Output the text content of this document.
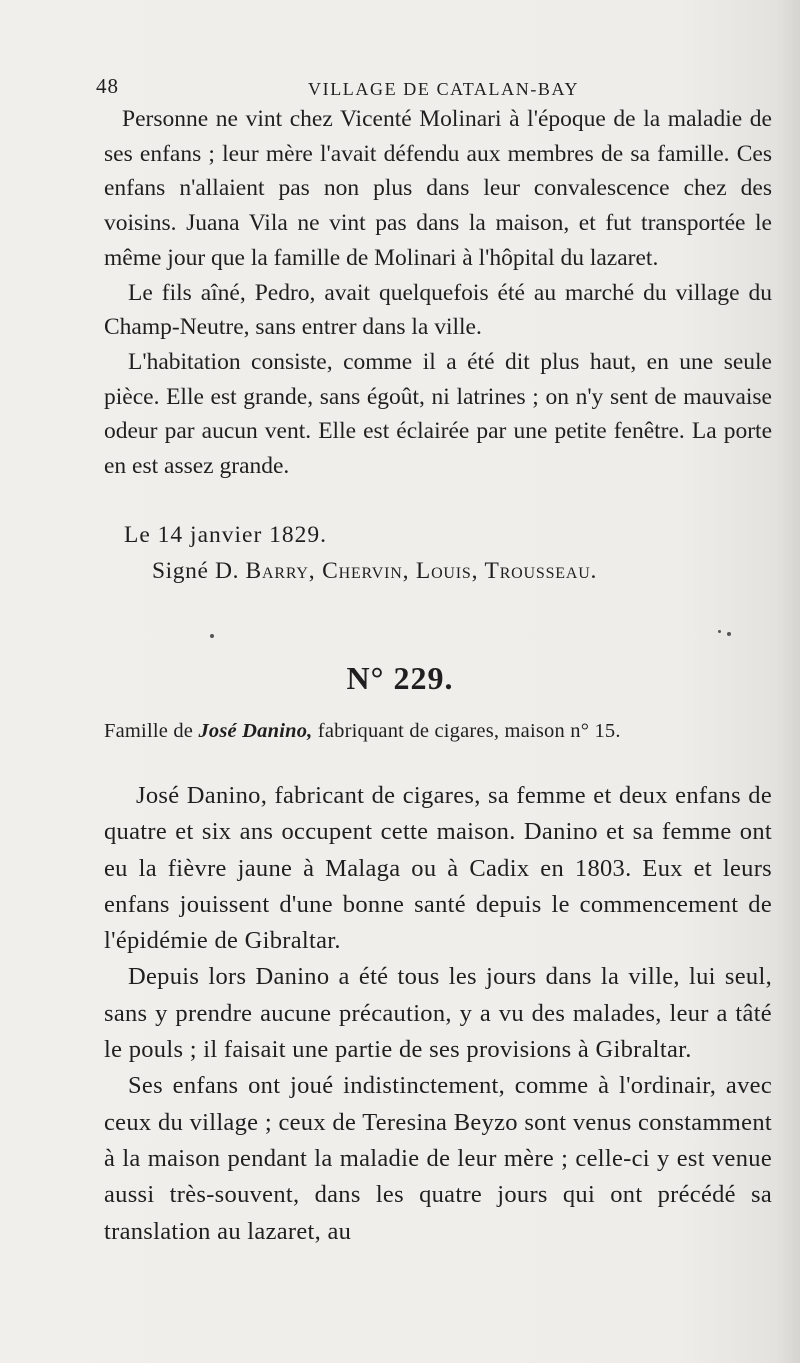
48	VILLAGE DE CATALAN-BAY

Personne ne vint chez Vicenté Molinari à l'époque de la maladie de ses enfans ; leur mère l'avait défendu aux membres de sa famille. Ces enfans n'allaient pas non plus dans leur convalescence chez des voisins. Juana Vila ne vint pas dans la maison, et fut transportée le même jour que la famille de Molinari à l'hôpital du lazaret.

Le fils aîné, Pedro, avait quelquefois été au marché du village du Champ-Neutre, sans entrer dans la ville.

L'habitation consiste, comme il a été dit plus haut, en une seule pièce. Elle est grande, sans égoût, ni latrines ; on n'y sent de mauvaise odeur par aucun vent. Elle est éclairée par une petite fenêtre. La porte en est assez grande.

Le 14 janvier 1829.
Signé D. Barry, Chervin, Louis, Trousseau.
N° 229.
Famille de José Danino, fabriquant de cigares, maison n° 15.

José Danino, fabricant de cigares, sa femme et deux enfans de quatre et six ans occupent cette maison. Danino et sa femme ont eu la fièvre jaune à Malaga ou à Cadix en 1803. Eux et leurs enfans jouissent d'une bonne santé depuis le commencement de l'épidémie de Gibraltar.

Depuis lors Danino a été tous les jours dans la ville, lui seul, sans y prendre aucune précaution, y a vu des malades, leur a tâté le pouls ; il faisait une partie de ses provisions à Gibraltar.

Ses enfans ont joué indistinctement, comme à l'ordinair, avec ceux du village ; ceux de Teresina Beyzo sont venus constamment à la maison pendant la maladie de leur mère ; celle-ci y est venue aussi très-souvent, dans les quatre jours qui ont précédé sa translation au lazaret, au
